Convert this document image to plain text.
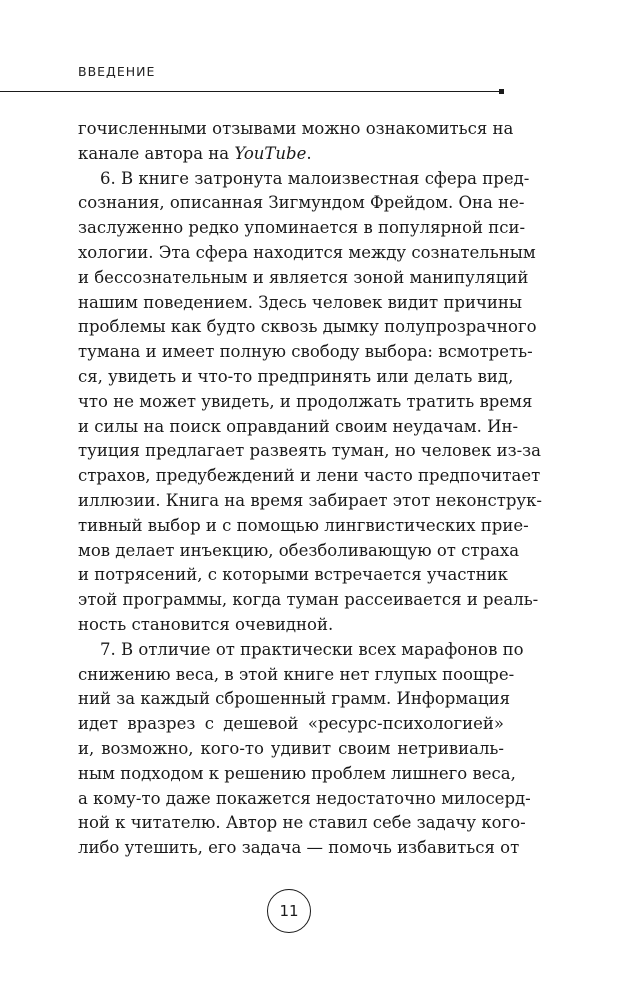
ВВЕДЕНИЕ
гочисленными отзывами можно ознакомиться на
каналe автора на YouTube.
6. В книге затронута малоизвестная сфера пред-
сознания, описанная Зигмундом Фрейдом. Она не-
заслуженно редко упоминается в популярной пси-
хологии. Эта сфера находится между сознательным
и бессознательным и является зоной манипуляций
нашим поведением. Здесь человек видит причины
проблемы как будто сквозь дымку полупрозрачного
тумана и имеет полную свободу выбора: всмотреть-
ся, увидеть и что-то предпринять или делать вид,
что не может увидеть, и продолжать тратить время
и силы на поиск оправданий своим неудачам. Ин-
туиция предлагает развеять туман, но человек из-за
страхов, предубеждений и лени часто предпочитает
иллюзии. Книга на время забирает этот неконструк-
тивный выбор и с помощью лингвистических прие-
мов делает инъекцию, обезболивающую от страха
и потрясений, с которыми встречается участник
этой программы, когда туман рассеивается и реаль-
ность становится очевидной.
7. В отличие от практически всех марафонов по
снижению веса, в этой книге нет глупых поощре-
ний за каждый сброшенный грамм. Информация
идет вразрез с дешевой «ресурс-психологией»
и, возможно, кого-то удивит своим нетривиаль-
ным подходом к решению проблем лишнего веса,
а кому-то даже покажется недостаточно милосерд-
ной к читателю. Автор не ставил себе задачу кого-
либо утешить, его задача — помочь избавиться от
11
